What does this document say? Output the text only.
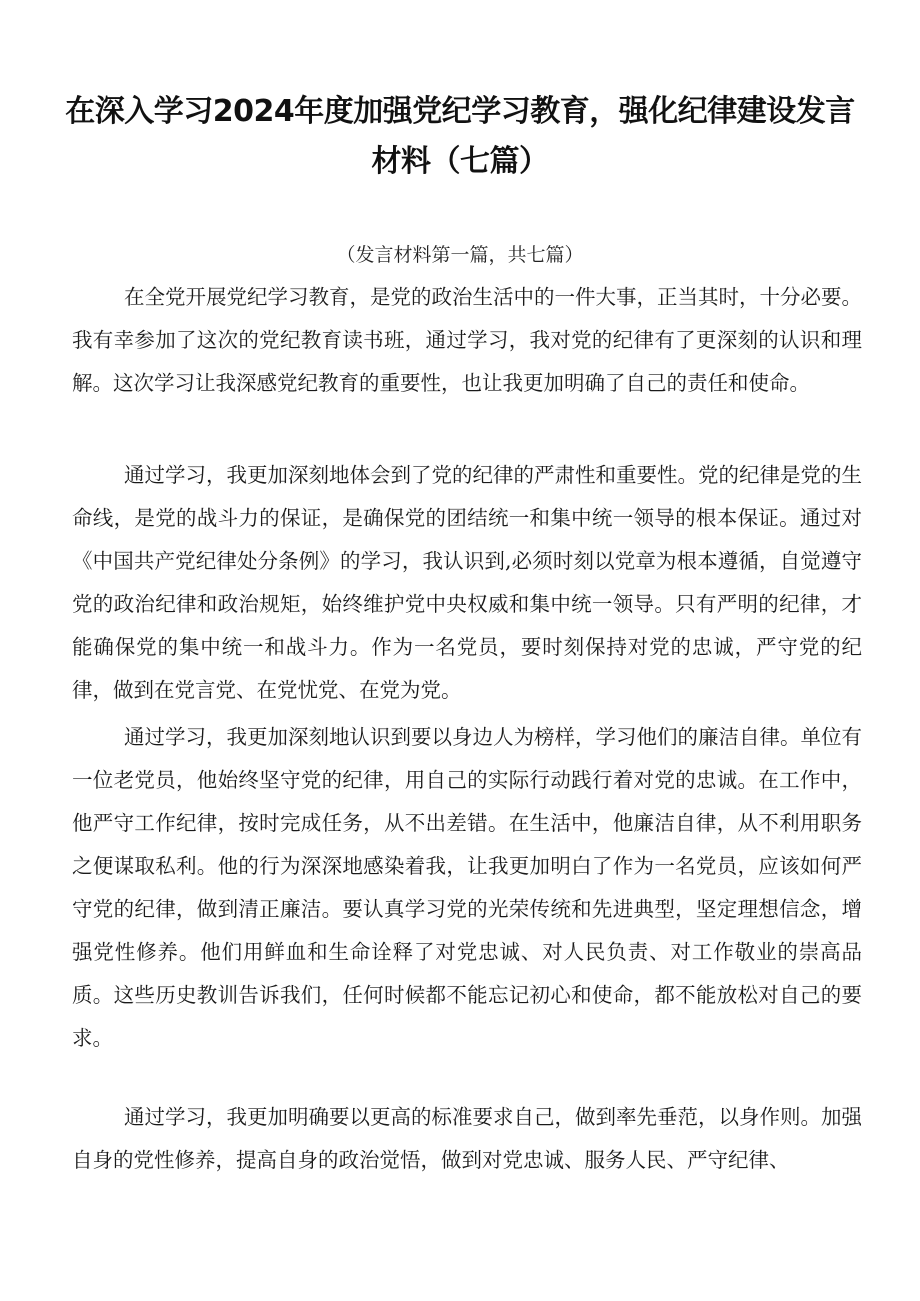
在深入学习2024年度加强党纪学习教育，强化纪律建设发言
材料（七篇）
（发言材料第一篇，共七篇）
在全党开展党纪学习教育，是党的政治生活中的一件大事，正当其时，十分必要。我有幸参加了这次的党纪教育读书班，通过学习，我对党的纪律有了更深刻的认识和理解。这次学习让我深感党纪教育的重要性，也让我更加明确了自己的责任和使命。
通过学习，我更加深刻地体会到了党的纪律的严肃性和重要性。党的纪律是党的生命线，是党的战斗力的保证，是确保党的团结统一和集中统一领导的根本保证。通过对《中国共产党纪律处分条例》的学习，我认识到,必须时刻以党章为根本遵循，自觉遵守党的政治纪律和政治规矩，始终维护党中央权威和集中统一领导。只有严明的纪律，才能确保党的集中统一和战斗力。作为一名党员，要时刻保持对党的忠诚，严守党的纪律，做到在党言党、在党忧党、在党为党。
通过学习，我更加深刻地认识到要以身边人为榜样，学习他们的廉洁自律。单位有一位老党员，他始终坚守党的纪律，用自己的实际行动践行着对党的忠诚。在工作中，他严守工作纪律，按时完成任务，从不出差错。在生活中，他廉洁自律，从不利用职务之便谋取私利。他的行为深深地感染着我，让我更加明白了作为一名党员，应该如何严守党的纪律，做到清正廉洁。要认真学习党的光荣传统和先进典型，坚定理想信念，增强党性修养。他们用鲜血和生命诠释了对党忠诚、对人民负责、对工作敬业的崇高品质。这些历史教训告诉我们，任何时候都不能忘记初心和使命，都不能放松对自己的要求。
通过学习，我更加明确要以更高的标准要求自己，做到率先垂范，以身作则。加强自身的党性修养，提高自身的政治觉悟，做到对党忠诚、服务人民、严守纪律、
